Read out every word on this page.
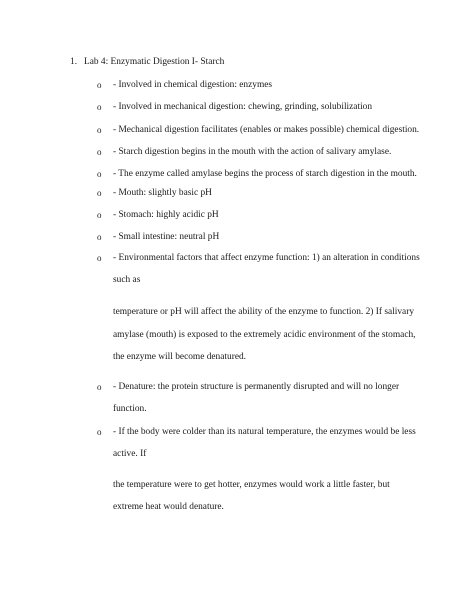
1. Lab 4: Enzymatic Digestion I- Starch
o - Involved in chemical digestion: enzymes
o - Involved in mechanical digestion: chewing, grinding, solubilization
o - Mechanical digestion facilitates (enables or makes possible) chemical digestion.
o - Starch digestion begins in the mouth with the action of salivary amylase.
o - The enzyme called amylase begins the process of starch digestion in the mouth.
o - Mouth: slightly basic pH
o - Stomach: highly acidic pH
o - Small intestine: neutral pH
o - Environmental factors that affect enzyme function: 1) an alteration in conditions
such as
temperature or pH will affect the ability of the enzyme to function. 2) If salivary
amylase (mouth) is exposed to the extremely acidic environment of the stomach,
the enzyme will become denatured.
o - Denature: the protein structure is permanently disrupted and will no longer
function.
o - If the body were colder than its natural temperature, the enzymes would be less
active. If
the temperature were to get hotter, enzymes would work a little faster, but
extreme heat would denature.
